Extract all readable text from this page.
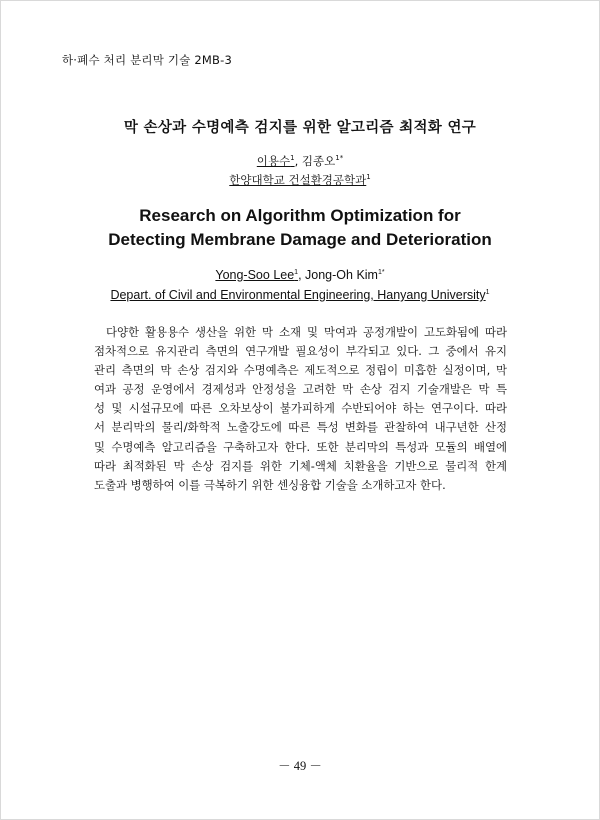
하·폐수 처리 분리막 기술 2MB-3
막 손상과 수명예측 검지를 위한 알고리즘 최적화 연구
이용수$^1$, 김종오$^{1*}$
한양대학교 건설환경공학과$^1$
Research on Algorithm Optimization for
Detecting Membrane Damage and Deterioration
Yong-Soo Lee$^1$, Jong-Oh Kim$^{1*}$
Depart. of Civil and Environmental Engineering, Hanyang University$^1$
다양한 활용용수 생산을 위한 막 소재 및 막여과 공정개발이 고도화됨에 따라
점차적으로 유지관리 측면의 연구개발 필요성이 부각되고 있다. 그 중에서 유지
관리 측면의 막 손상 검지와 수명예측은 제도적으로 정립이 미흡한 실정이며, 막
여과 공정 운영에서 경제성과 안정성을 고려한 막 손상 검지 기술개발은 막 특
성 및 시설규모에 따른 오차보상이 불가피하게 수반되어야 하는 연구이다. 따라
서 분리막의 물리/화학적 노출강도에 따른 특성 변화를 관찰하여 내구년한 산정
및 수명예측 알고리즘을 구축하고자 한다. 또한 분리막의 특성과 모듈의 배열에
따라 최적화된 막 손상 검지를 위한 기체-액체 치환율을 기반으로 물리적 한계
도출과 병행하여 이를 극복하기 위한 센싱융합 기술을 소개하고자 한다.
－ 49 －
